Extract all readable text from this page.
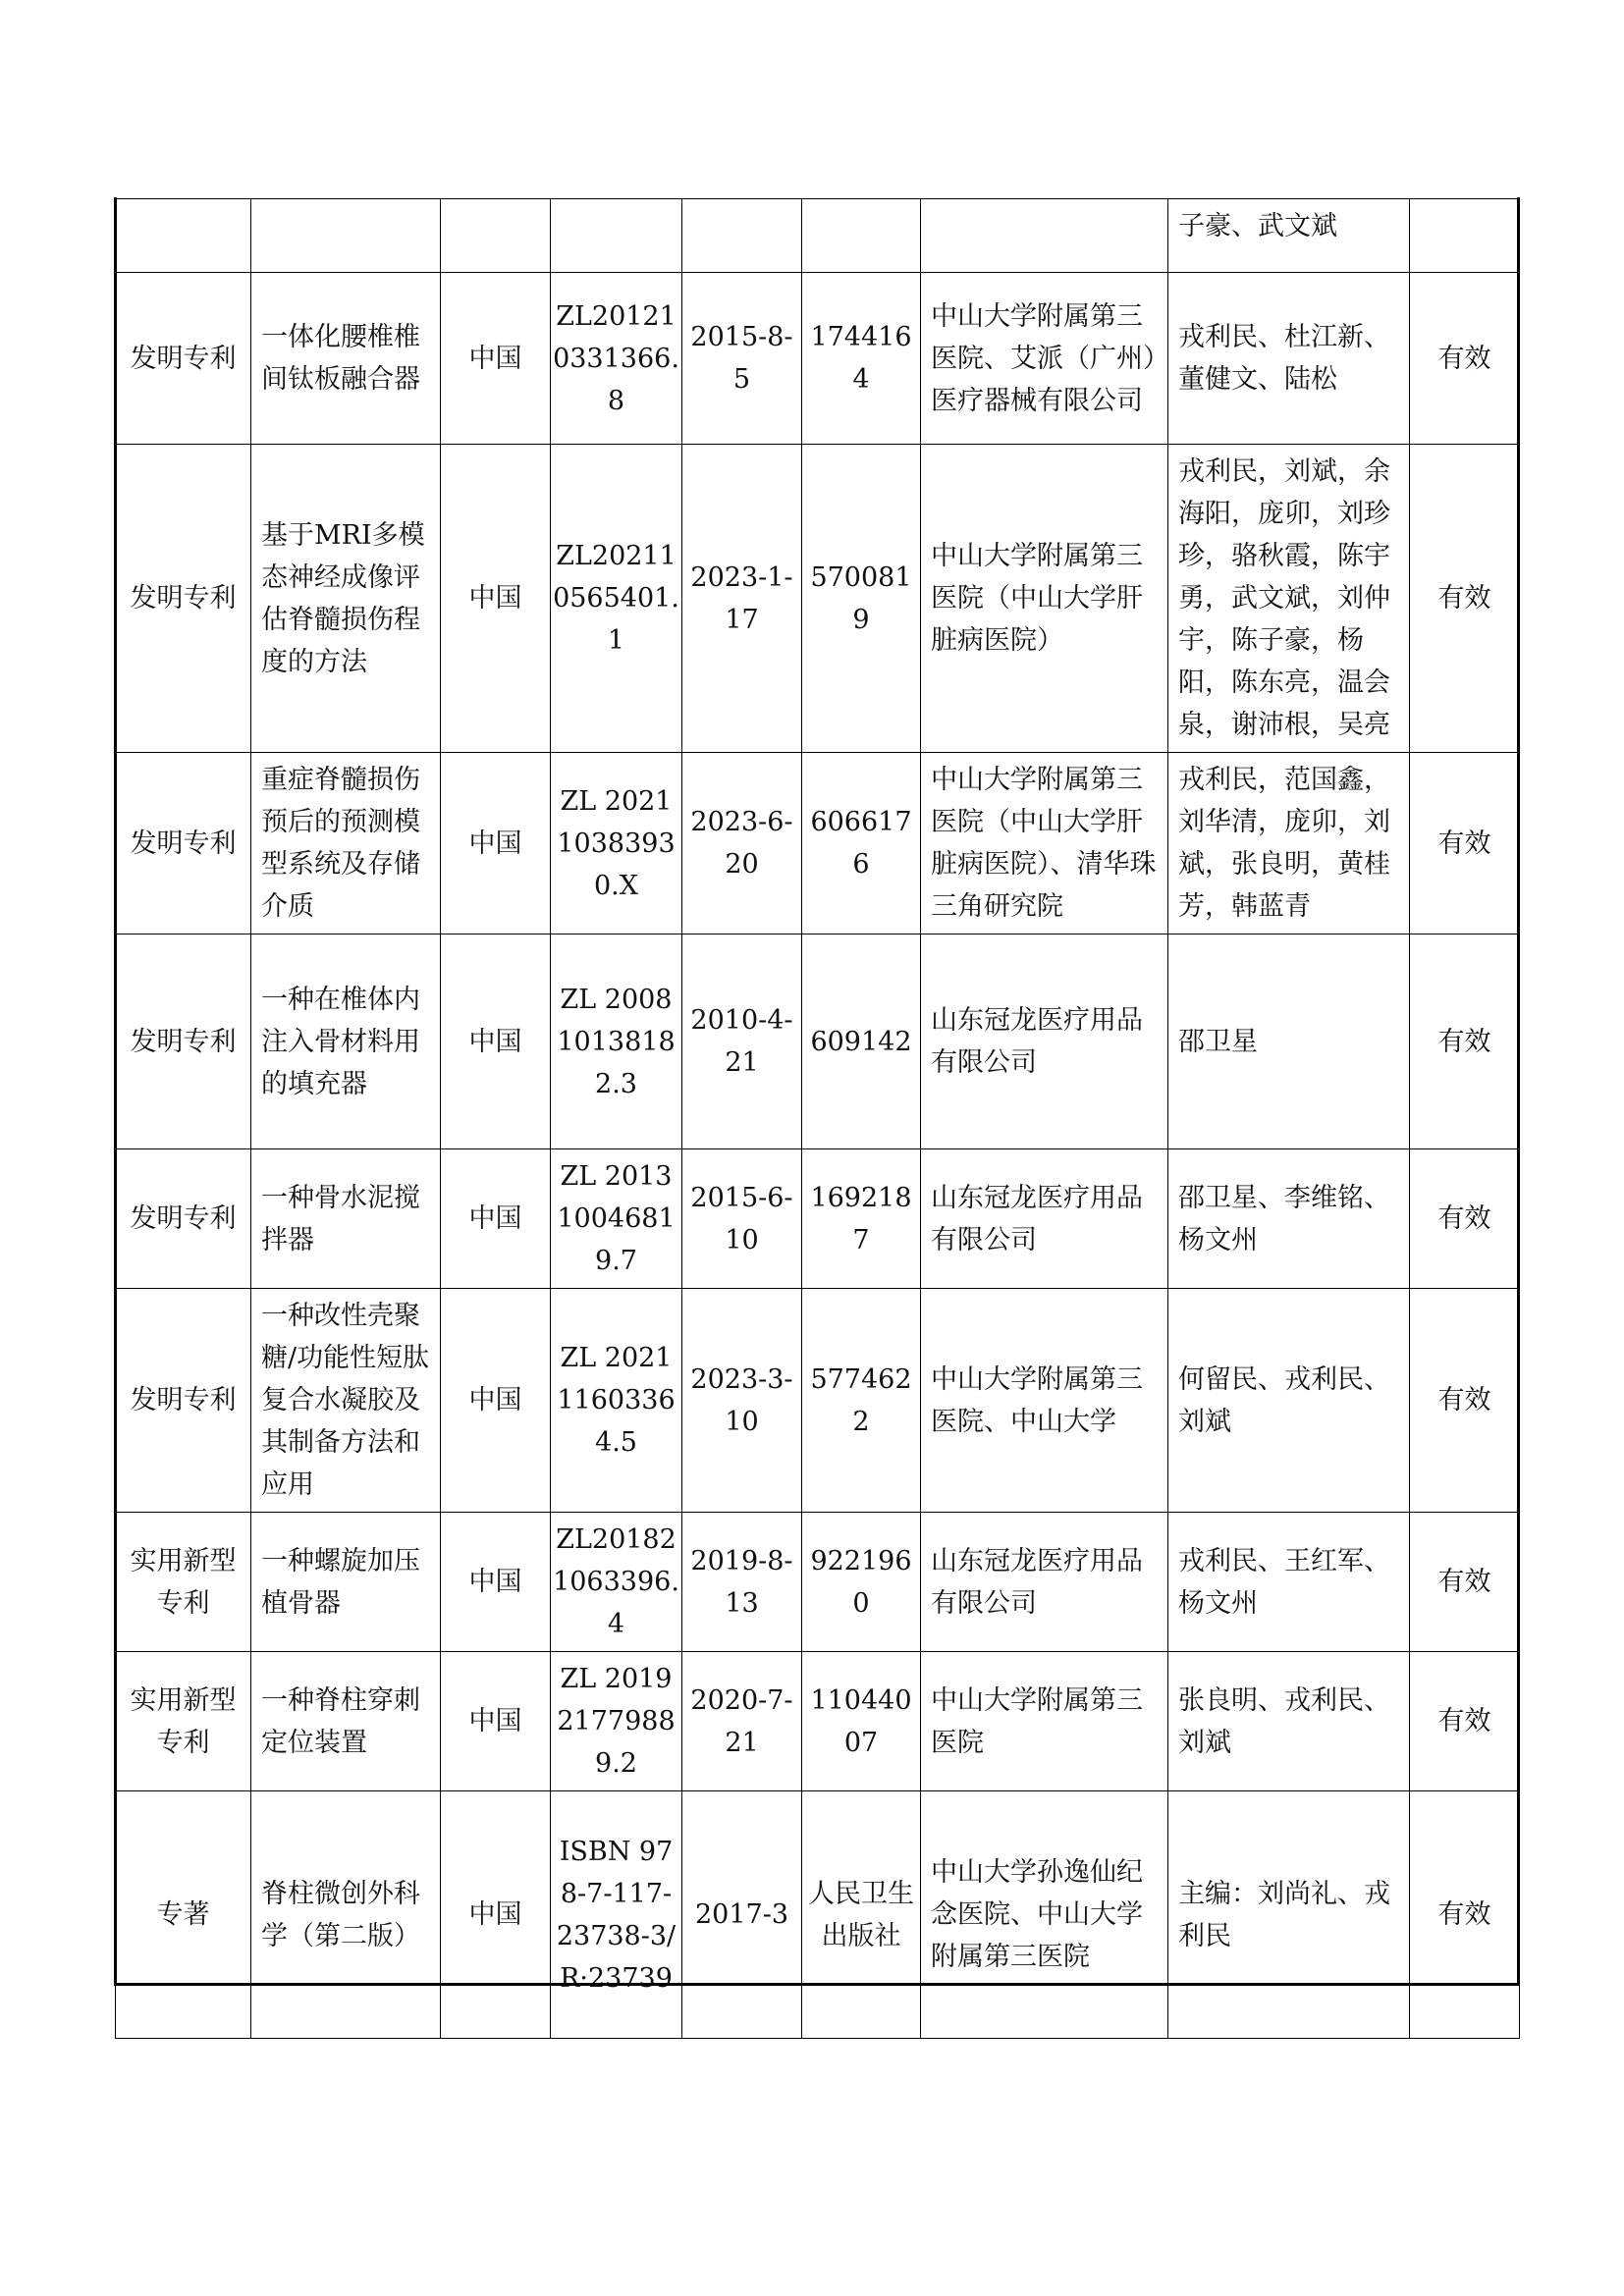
							子豪、武文斌	
发明专利	一体化腰椎椎间钛板融合器	中国	ZL201210331366.8	2015-8-5	1744164	中山大学附属第三医院、艾派（广州）医疗器械有限公司	戎利民、杜江新、董健文、陆松	有效
发明专利	基于MRI多模态神经成像评估脊髓损伤程度的方法	中国	ZL202110565401.1	2023-1-17	5700819	中山大学附属第三医院（中山大学肝脏病医院）	戎利民，刘斌，余海阳，庞卯，刘珍珍，骆秋霞，陈宇勇，武文斌，刘仲宇，陈子豪，杨阳，陈东亮，温会泉，谢沛根，吴亮	有效
发明专利	重症脊髓损伤预后的预测模型系统及存储介质	中国	ZL 202110383930.X	2023-6-20	6066176	中山大学附属第三医院（中山大学肝脏病医院）、清华珠三角研究院	戎利民，范国鑫，刘华清，庞卯，刘斌，张良明，黄桂芳，韩蓝青	有效
发明专利	一种在椎体内注入骨材料用的填充器	中国	ZL 200810138182.3	2010-4-21	609142	山东冠龙医疗用品有限公司	邵卫星	有效
发明专利	一种骨水泥搅拌器	中国	ZL 201310046819.7	2015-6-10	1692187	山东冠龙医疗用品有限公司	邵卫星、李维铭、杨文州	有效
发明专利	一种改性壳聚糖/功能性短肽复合水凝胶及其制备方法和应用	中国	ZL 202111603364.5	2023-3-10	5774622	中山大学附属第三医院、中山大学	何留民、戎利民、刘斌	有效
实用新型专利	一种螺旋加压植骨器	中国	ZL201821063396.4	2019-8-13	9221960	山东冠龙医疗用品有限公司	戎利民、王红军、杨文州	有效
实用新型专利	一种脊柱穿刺定位装置	中国	ZL 201921779889.2	2020-7-21	11044007	中山大学附属第三医院	张良明、戎利民、刘斌	有效
专著	脊柱微创外科学（第二版）	中国	ISBN 978-7-117-23738-3/R·23739	2017-3	人民卫生出版社	中山大学孙逸仙纪念医院、中山大学附属第三医院	主编：刘尚礼、戎利民	有效
